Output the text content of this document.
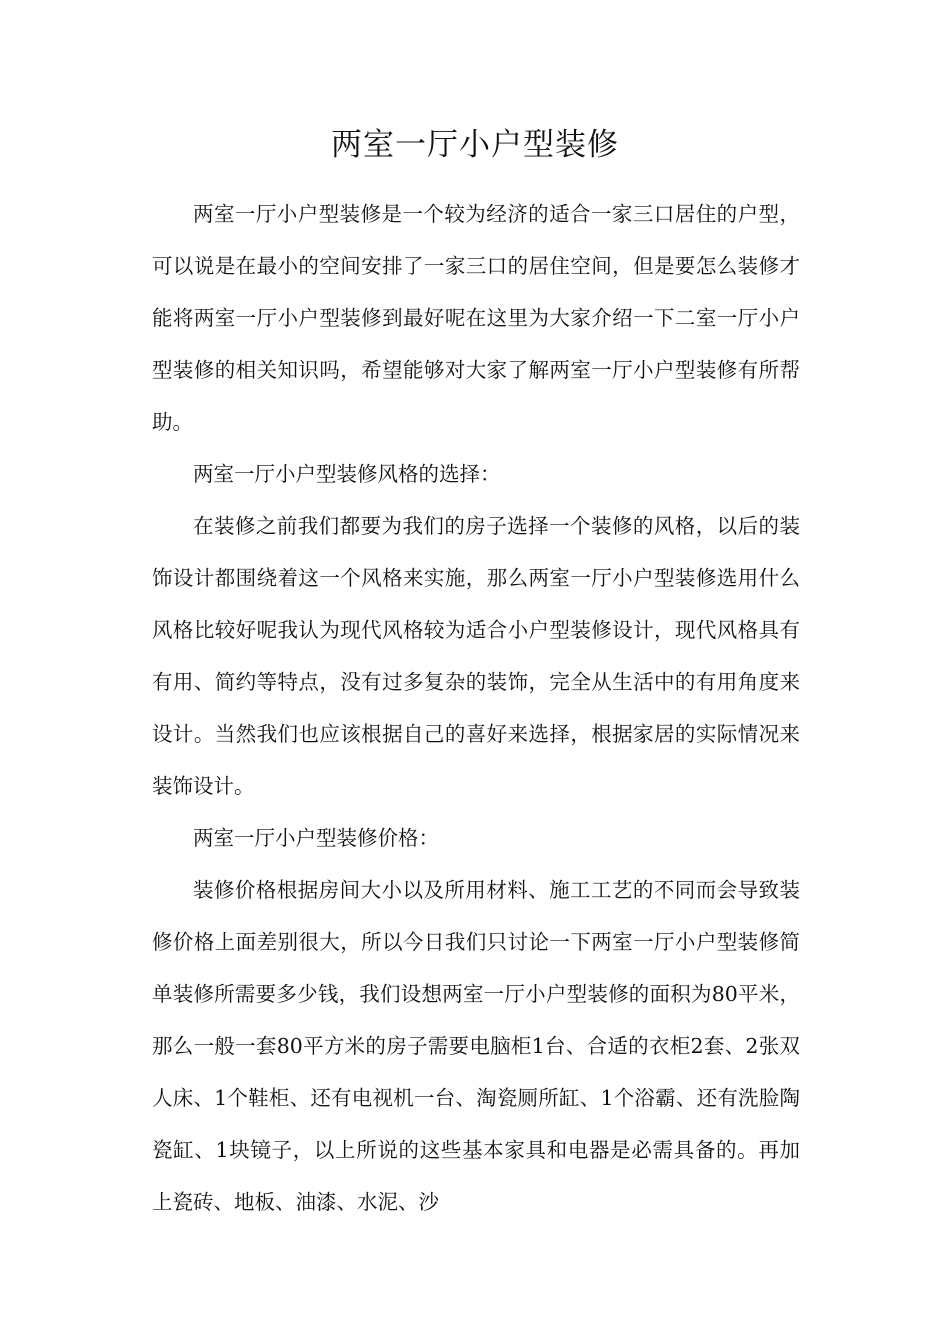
两室一厅小户型装修

两室一厅小户型装修是一个较为经济的适合一家三口居住的户型，可以说是在最小的空间安排了一家三口的居住空间，但是要怎么装修才能将两室一厅小户型装修到最好呢在这里为大家介绍一下二室一厅小户型装修的相关知识吗，希望能够对大家了解两室一厅小户型装修有所帮助。

两室一厅小户型装修风格的选择：

在装修之前我们都要为我们的房子选择一个装修的风格，以后的装饰设计都围绕着这一个风格来实施，那么两室一厅小户型装修选用什么风格比较好呢我认为现代风格较为适合小户型装修设计，现代风格具有有用、简约等特点，没有过多复杂的装饰，完全从生活中的有用角度来设计。当然我们也应该根据自己的喜好来选择，根据家居的实际情况来装饰设计。

两室一厅小户型装修价格：

装修价格根据房间大小以及所用材料、施工工艺的不同而会导致装修价格上面差别很大，所以今日我们只讨论一下两室一厅小户型装修简单装修所需要多少钱，我们设想两室一厅小户型装修的面积为80平米，那么一般一套80平方米的房子需要电脑柜1台、合适的衣柜2套、2张双人床、1个鞋柜、还有电视机一台、淘瓷厕所缸、1个浴霸、还有洗脸陶瓷缸、1块镜子，以上所说的这些基本家具和电器是必需具备的。再加上瓷砖、地板、油漆、水泥、沙
